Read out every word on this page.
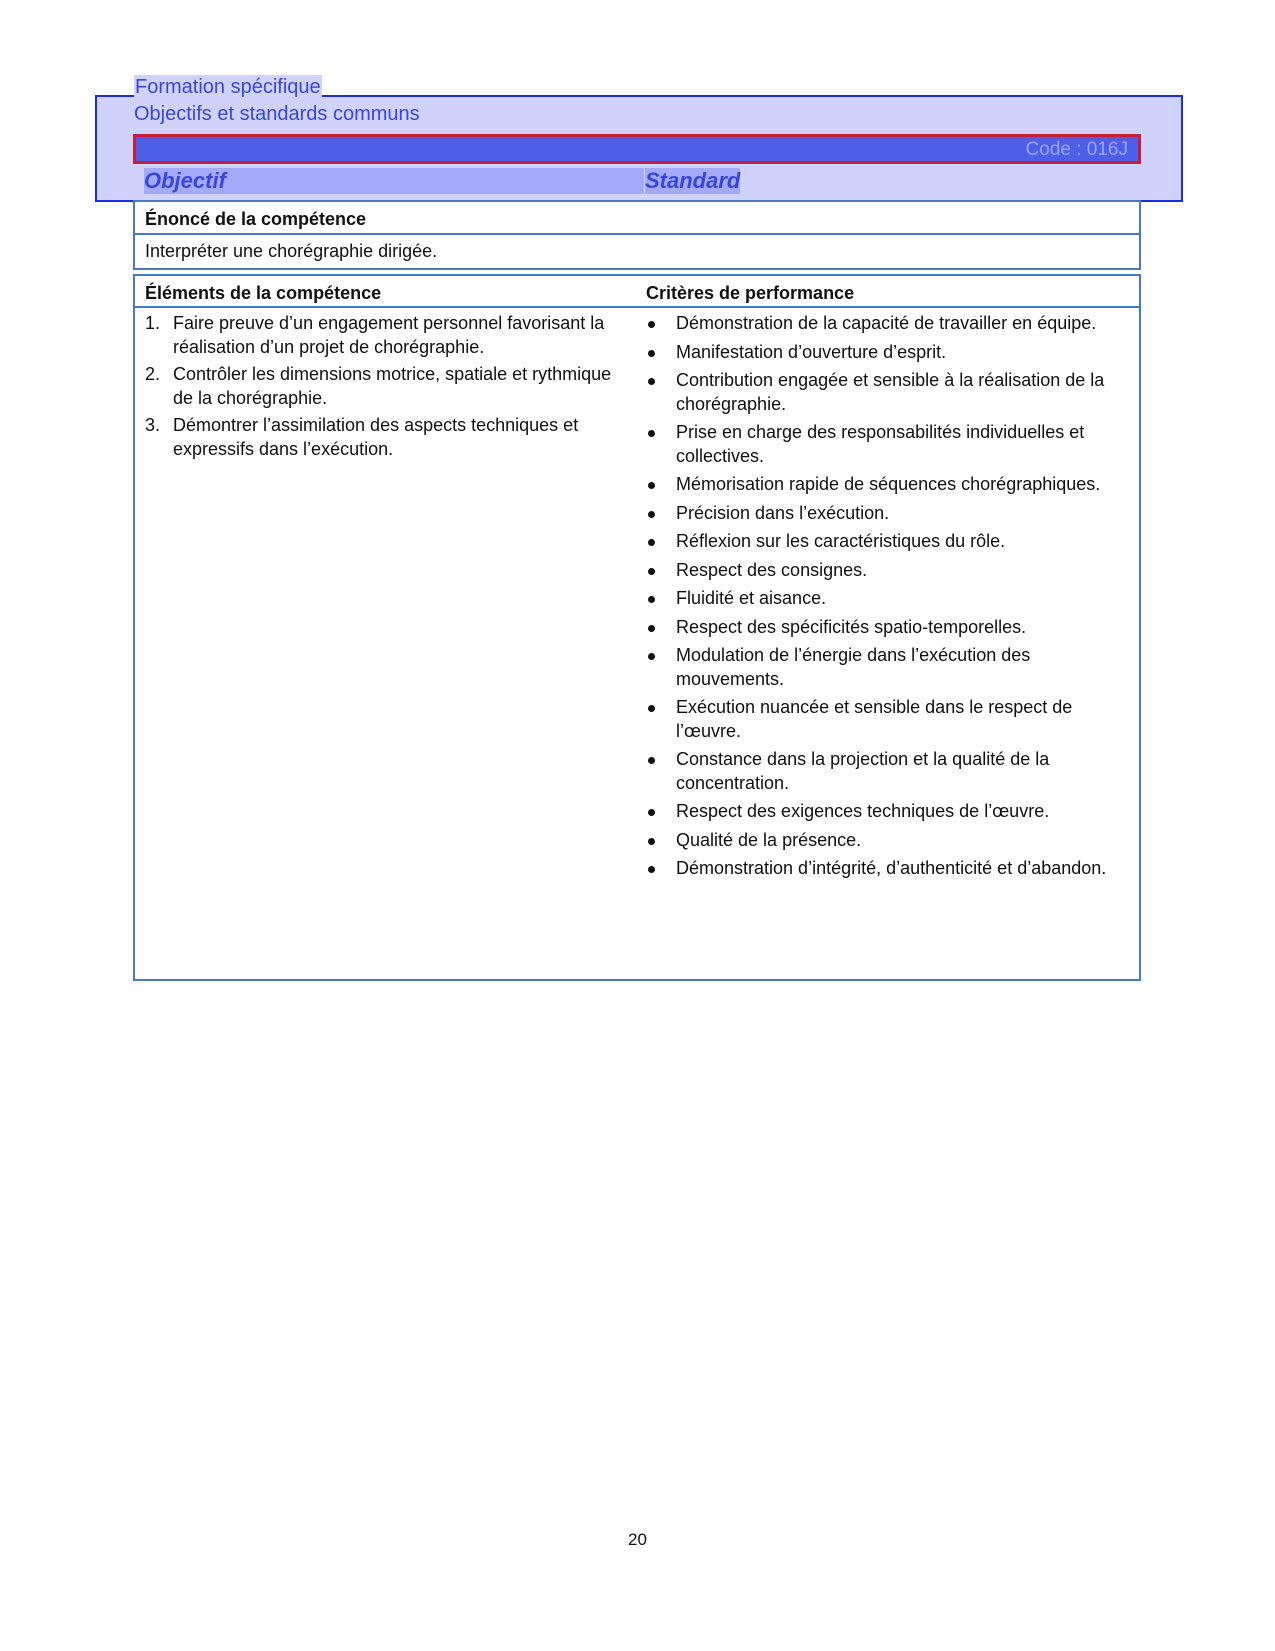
Formation spécifique
Objectifs et standards communs
Code : 016J
Objectif	Standard
Énoncé de la compétence
Interpréter une chorégraphie dirigée.
Éléments de la compétence	Critères de performance
1. Faire preuve d’un engagement personnel favorisant la réalisation d’un projet de chorégraphie.
2. Contrôler les dimensions motrice, spatiale et rythmique de la chorégraphie.
3. Démontrer l’assimilation des aspects techniques et expressifs dans l’exécution.
Démonstration de la capacité de travailler en équipe.
Manifestation d’ouverture d’esprit.
Contribution engagée et sensible à la réalisation de la chorégraphie.
Prise en charge des responsabilités individuelles et collectives.
Mémorisation rapide de séquences chorégraphiques.
Précision dans l’exécution.
Réflexion sur les caractéristiques du rôle.
Respect des consignes.
Fluidité et aisance.
Respect des spécificités spatio-temporelles.
Modulation de l’énergie dans l’exécution des mouvements.
Exécution nuancée et sensible dans le respect de l’œuvre.
Constance dans la projection et la qualité de la concentration.
Respect des exigences techniques de l’œuvre.
Qualité de la présence.
Démonstration d’intégrité, d’authenticité et d’abandon.
20
